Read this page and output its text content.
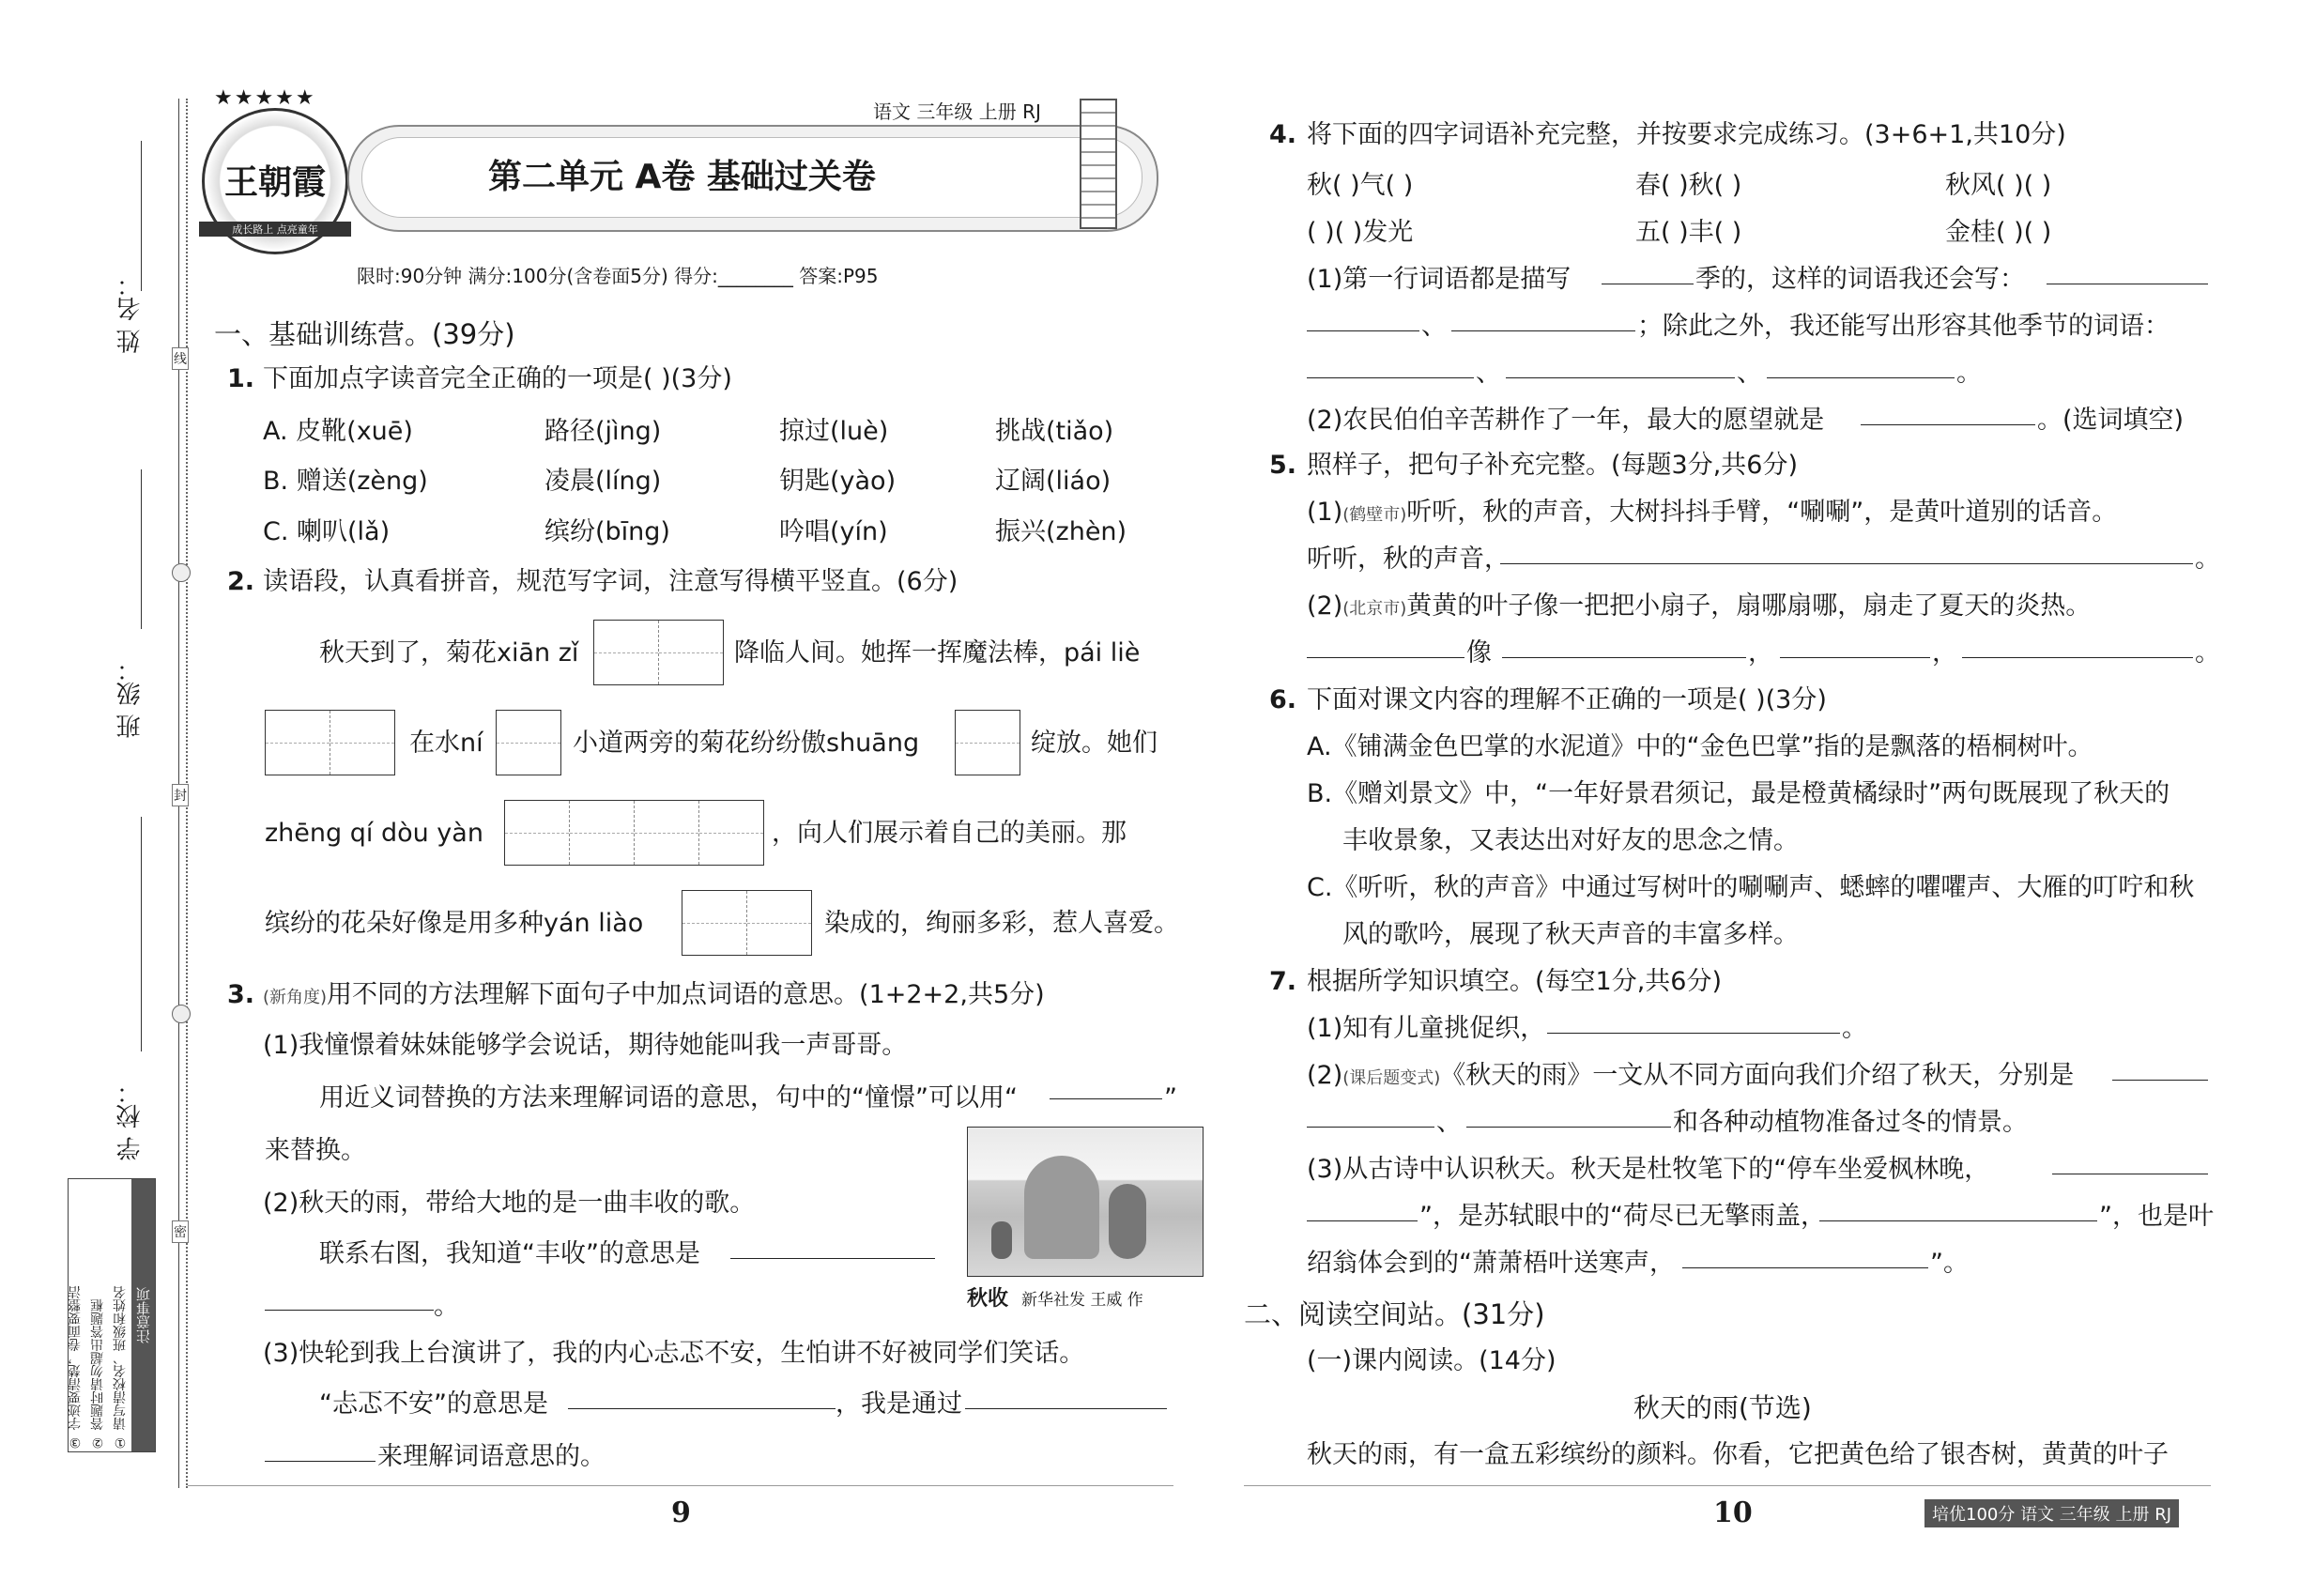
姓 名：
班 级：
学 校：
线
封
密
注意事项
① 请写清校名、班级和姓名
② 答题时请勿超出答题框
③ 字迹要清楚，卷面要整洁
★★★★★
王朝霞
成长路上 点亮童年
第二单元 A卷 基础过关卷
语文 三年级 上册 RJ
限时:90分钟 满分:100分(含卷面5分) 得分:________ 答案:P95
一、基础训练营。(39分)
1. 下面加点字读音完全正确的一项是( )(3分)
A. 皮靴(xuē)	路径(jìng)	掠过(luè)	挑战(tiǎo)
B. 赠送(zèng)	凌晨(líng)	钥匙(yào)	辽阔(liáo)
C. 喇叭(lǎ)	缤纷(bīng)	吟唱(yín)	振兴(zhèn)
2. 读语段，认真看拼音，规范写字词，注意写得横平竖直。(6分)
秋天到了，菊花xiān zǐ	降临人间。她挥一挥魔法棒，pái liè
在水ní	小道两旁的菊花纷纷傲shuāng	绽放。她们
zhēng qí dòu yàn	，向人们展示着自己的美丽。那
缤纷的花朵好像是用多种yán liào	染成的，绚丽多彩，惹人喜爱。
3. (新角度)用不同的方法理解下面句子中加点词语的意思。(1+2+2,共5分)
(1)我憧憬着妹妹能够学会说话，期待她能叫我一声哥哥。
用近义词替换的方法来理解词语的意思，句中的“憧憬”可以用“	”
来替换。
(2)秋天的雨，带给大地的是一曲丰收的歌。
联系右图，我知道“丰收”的意思是
。	秋收 新华社发 王威 作
(3)快轮到我上台演讲了，我的内心忐忑不安，生怕讲不好被同学们笑话。
“忐忑不安”的意思是	，我是通过
来理解词语意思的。
9
4. 将下面的四字词语补充完整，并按要求完成练习。(3+6+1,共10分)
秋( )气( )	春( )秋( )	秋风( )( )
( )( )发光	五( )丰( )	金桂( )( )
(1)第一行词语都是描写	季的，这样的词语我还会写：
、	；除此之外，我还能写出形容其他季节的词语：
、	、	。
(2)农民伯伯辛苦耕作了一年，最大的愿望就是	。(选词填空)
5. 照样子，把句子补充完整。(每题3分,共6分)
(1)(鹤壁市)听听，秋的声音，大树抖抖手臂，“唰唰”，是黄叶道别的话音。
听听，秋的声音，	。
(2)(北京市)黄黄的叶子像一把把小扇子，扇哪扇哪，扇走了夏天的炎热。
像	，	，	。
6. 下面对课文内容的理解不正确的一项是( )(3分)
A.《铺满金色巴掌的水泥道》中的“金色巴掌”指的是飘落的梧桐树叶。
B.《赠刘景文》中，“一年好景君须记，最是橙黄橘绿时”两句既展现了秋天的
丰收景象，又表达出对好友的思念之情。
C.《听听，秋的声音》中通过写树叶的唰唰声、蟋蟀的㘗㘗声、大雁的叮咛和秋
风的歌吟，展现了秋天声音的丰富多样。
7. 根据所学知识填空。(每空1分,共6分)
(1)知有儿童挑促织，	。
(2)(课后题变式)《秋天的雨》一文从不同方面向我们介绍了秋天，分别是
、	和各种动植物准备过冬的情景。
(3)从古诗中认识秋天。秋天是杜牧笔下的“停车坐爱枫林晚，
”，是苏轼眼中的“荷尽已无擎雨盖，	”，也是叶
绍翁体会到的“萧萧梧叶送寒声，	”。
二、阅读空间站。(31分)
(一)课内阅读。(14分)
秋天的雨(节选)
秋天的雨，有一盒五彩缤纷的颜料。你看，它把黄色给了银杏树，黄黄的叶子
10	培优100分 语文 三年级 上册 RJ
